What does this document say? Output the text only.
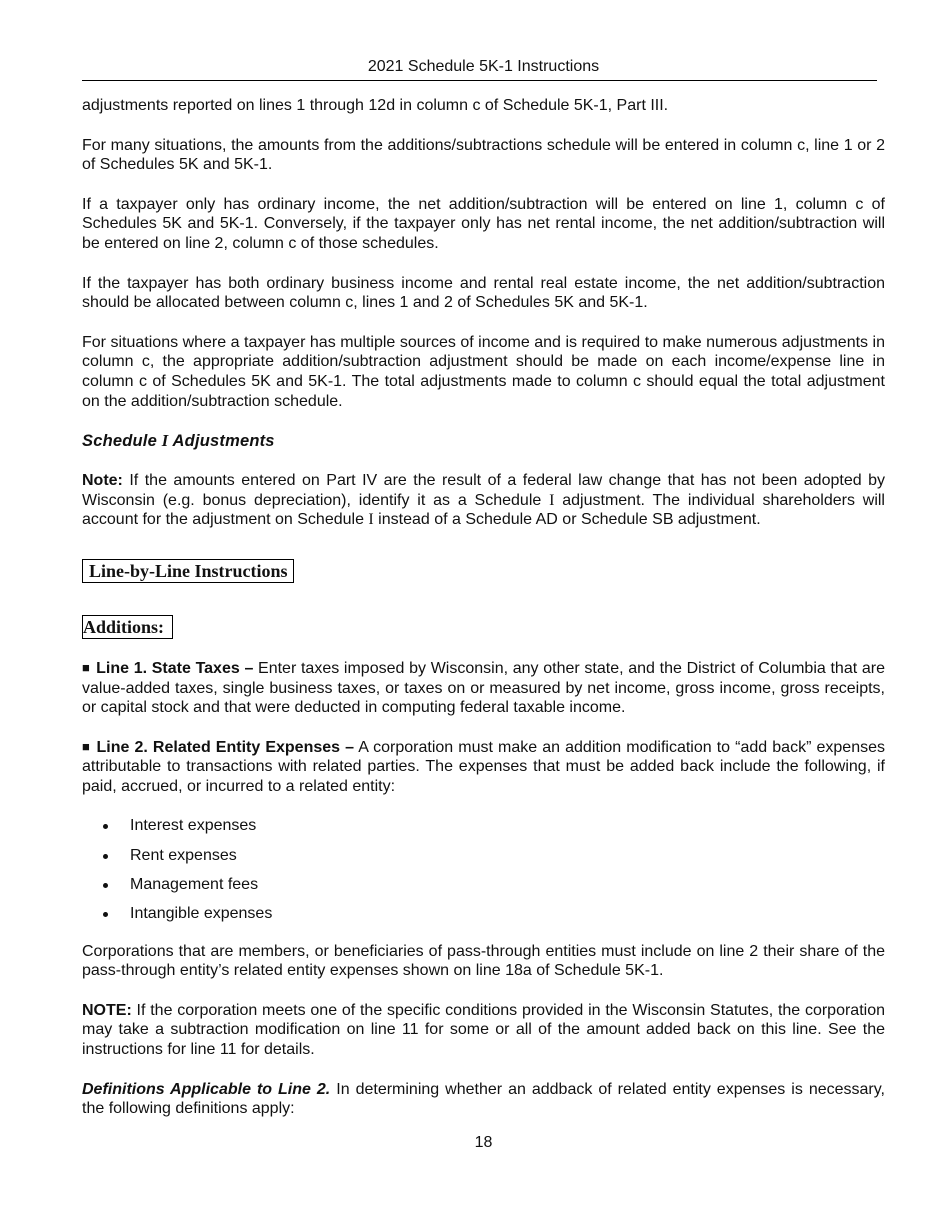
2021 Schedule 5K-1 Instructions

adjustments reported on lines 1 through 12d in column c of Schedule 5K-1, Part III.

For many situations, the amounts from the additions/subtractions schedule will be entered in column c, line 1 or 2 of Schedules 5K and 5K-1.

If a taxpayer only has ordinary income, the net addition/subtraction will be entered on line 1, column c of Schedules 5K and 5K-1. Conversely, if the taxpayer only has net rental income, the net addition/subtraction will be entered on line 2, column c of those schedules.

If the taxpayer has both ordinary business income and rental real estate income, the net addition/subtraction should be allocated between column c, lines 1 and 2 of Schedules 5K and 5K-1.

For situations where a taxpayer has multiple sources of income and is required to make numerous adjustments in column c, the appropriate addition/subtraction adjustment should be made on each income/expense line in column c of Schedules 5K and 5K-1. The total adjustments made to column c should equal the total adjustment on the addition/subtraction schedule.

Schedule I Adjustments

Note: If the amounts entered on Part IV are the result of a federal law change that has not been adopted by Wisconsin (e.g. bonus depreciation), identify it as a Schedule I adjustment. The individual shareholders will account for the adjustment on Schedule I instead of a Schedule AD or Schedule SB adjustment.

Line-by-Line Instructions
Additions:

■ Line 1. State Taxes – Enter taxes imposed by Wisconsin, any other state, and the District of Columbia that are value-added taxes, single business taxes, or taxes on or measured by net income, gross income, gross receipts, or capital stock and that were deducted in computing federal taxable income.

■ Line 2. Related Entity Expenses – A corporation must make an addition modification to “add back” expenses attributable to transactions with related parties. The expenses that must be added back include the following, if paid, accrued, or incurred to a related entity:

Interest expenses
Rent expenses
Management fees
Intangible expenses

Corporations that are members, or beneficiaries of pass-through entities must include on line 2 their share of the pass-through entity’s related entity expenses shown on line 18a of Schedule 5K-1.

NOTE: If the corporation meets one of the specific conditions provided in the Wisconsin Statutes, the corporation may take a subtraction modification on line 11 for some or all of the amount added back on this line. See the instructions for line 11 for details.

Definitions Applicable to Line 2. In determining whether an addback of related entity expenses is necessary, the following definitions apply:

18
